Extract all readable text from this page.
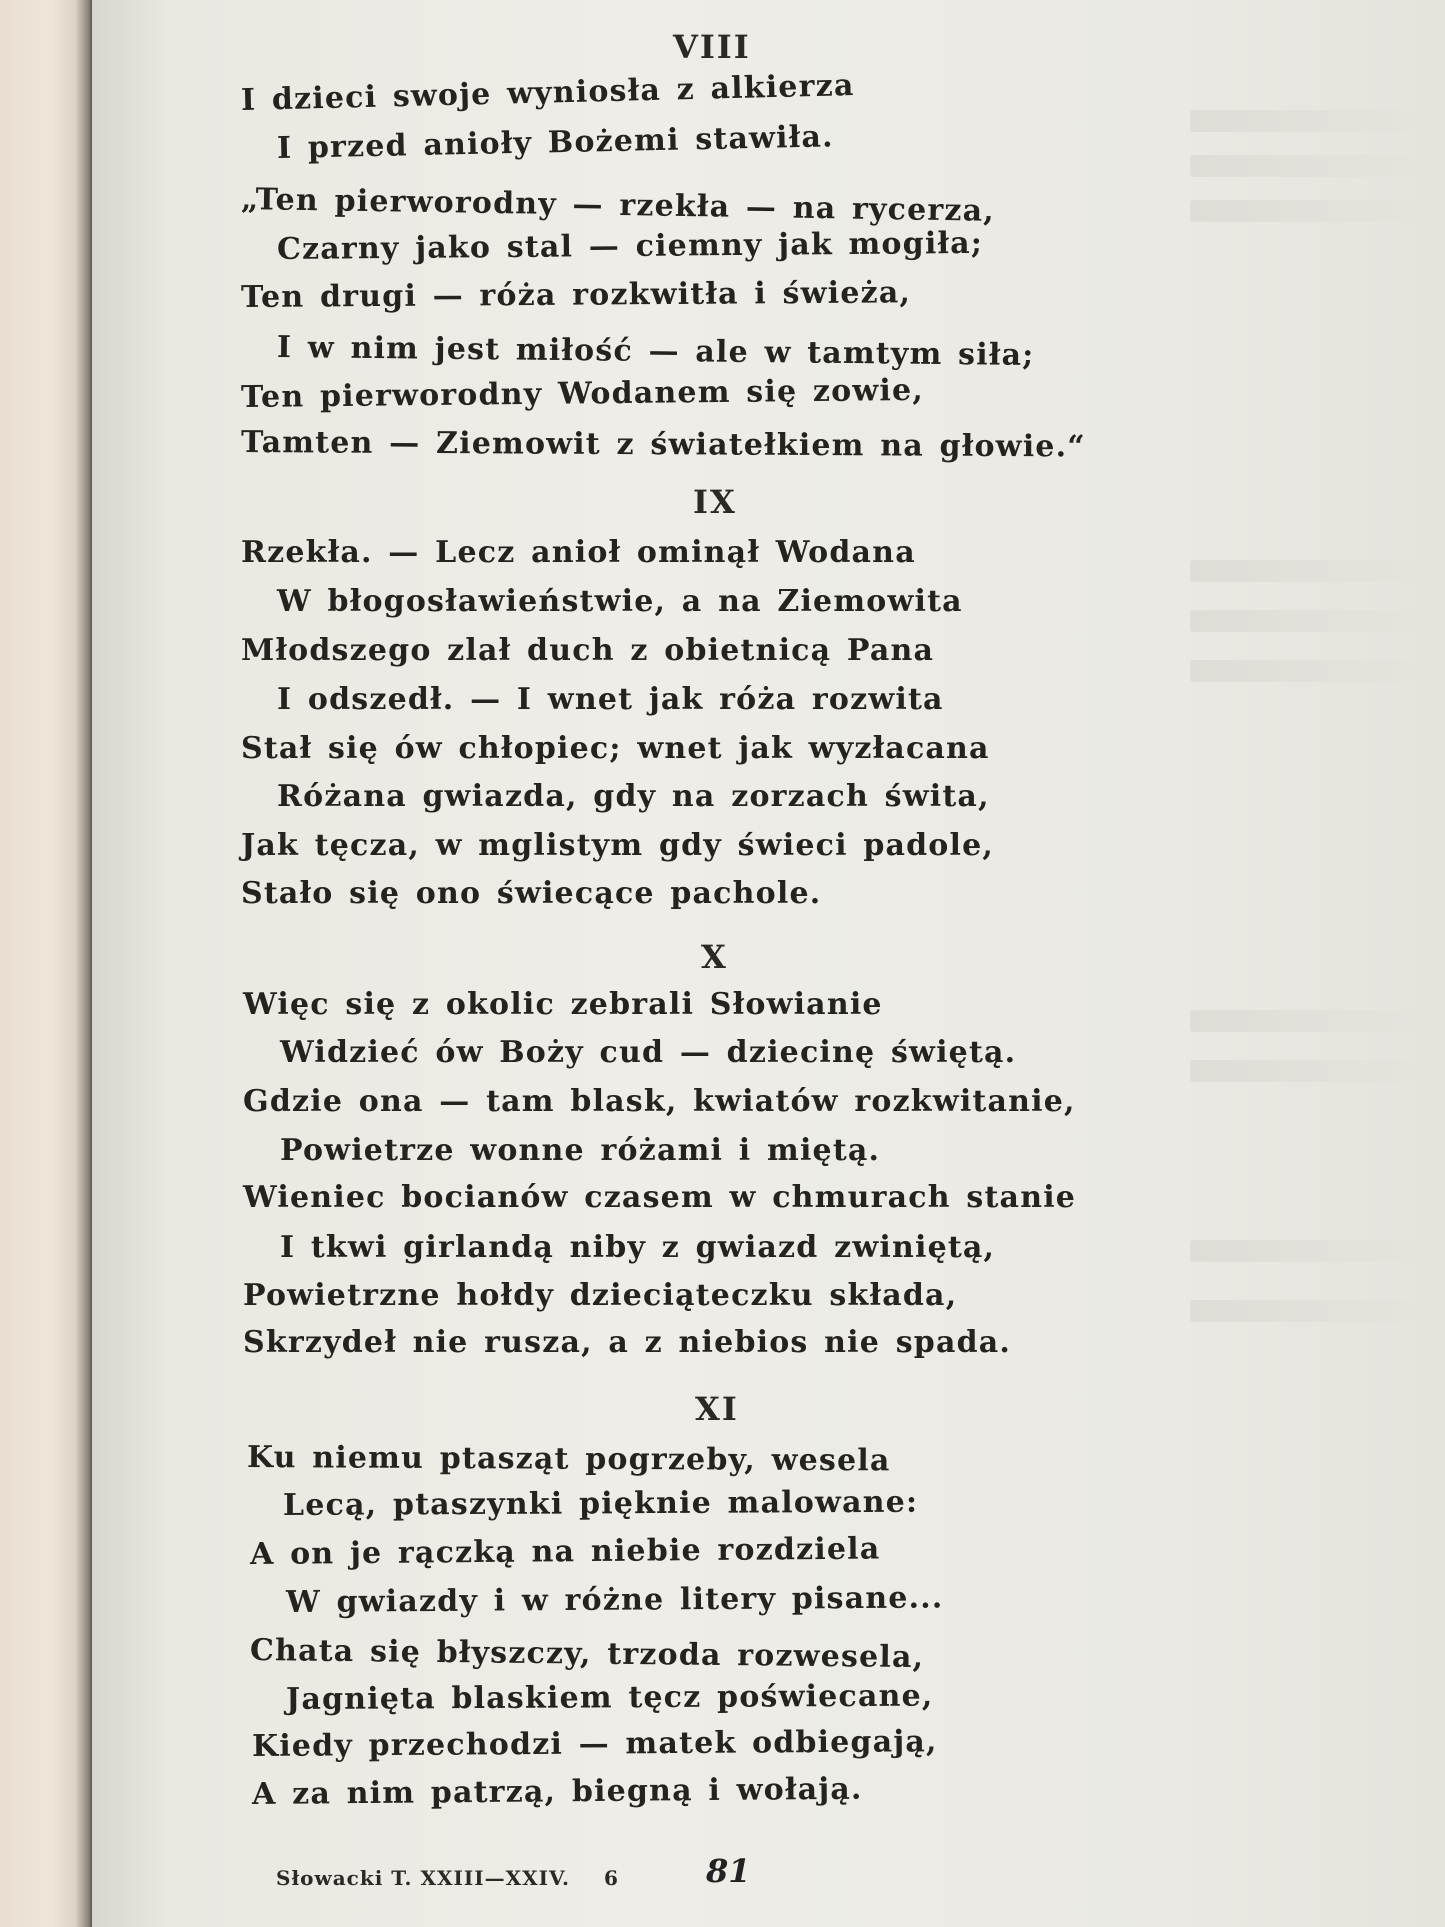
VIII
I dzieci swoje wyniosła z alkierza
I przed anioły Bożemi stawiła.
„Ten pierworodny — rzekła — na rycerza,
Czarny jako stal — ciemny jak mogiła;
Ten drugi — róża rozkwitła i świeża,
I w nim jest miłość — ale w tamtym siła;
Ten pierworodny Wodanem się zowie,
Tamten — Ziemowit z światełkiem na głowie.“
IX
Rzekła. — Lecz anioł ominął Wodana
W błogosławieństwie, a na Ziemowita
Młodszego zlał duch z obietnicą Pana
I odszedł. — I wnet jak róża rozwita
Stał się ów chłopiec; wnet jak wyzłacana
Różana gwiazda, gdy na zorzach świta,
Jak tęcza, w mglistym gdy świeci padole,
Stało się ono świecące pachole.
X
Więc się z okolic zebrali Słowianie
Widzieć ów Boży cud — dziecinę świętą.
Gdzie ona — tam blask, kwiatów rozkwitanie,
Powietrze wonne różami i miętą.
Wieniec bocianów czasem w chmurach stanie
I tkwi girlandą niby z gwiazd zwiniętą,
Powietrzne hołdy dzieciąteczku składa,
Skrzydeł nie rusza, a z niebios nie spada.
XI
Ku niemu ptasząt pogrzeby, wesela
Lecą, ptaszynki pięknie malowane:
A on je rączką na niebie rozdziela
W gwiazdy i w różne litery pisane...
Chata się błyszczy, trzoda rozwesela,
Jagnięta blaskiem tęcz poświecane,
Kiedy przechodzi — matek odbiegają,
A za nim patrzą, biegną i wołają.
Słowacki T. XXIII—XXIV. 6	81
